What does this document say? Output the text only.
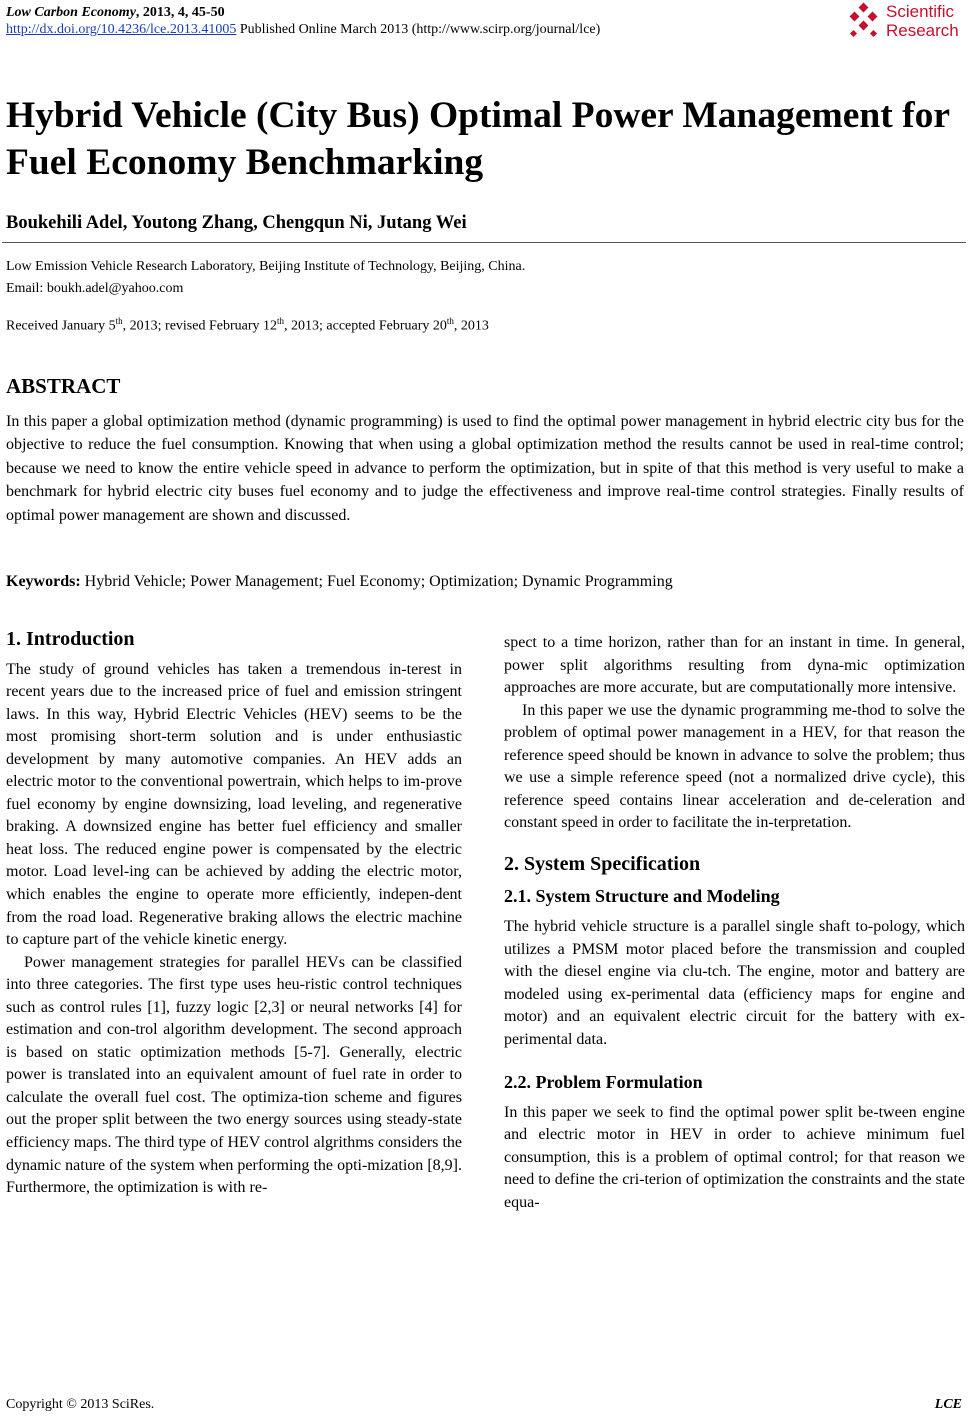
Low Carbon Economy, 2013, 4, 45-50
http://dx.doi.org/10.4236/lce.2013.41005 Published Online March 2013 (http://www.scirp.org/journal/lce)
Scientific
Research
Hybrid Vehicle (City Bus) Optimal Power Management for
Fuel Economy Benchmarking
Boukehili Adel, Youtong Zhang, Chengqun Ni, Jutang Wei
Low Emission Vehicle Research Laboratory, Beijing Institute of Technology, Beijing, China.
Email: boukh.adel@yahoo.com
Received January 5th, 2013; revised February 12th, 2013; accepted February 20th, 2013
ABSTRACT
In this paper a global optimization method (dynamic programming) is used to find the optimal power management in hybrid electric city bus for the objective to reduce the fuel consumption. Knowing that when using a global optimization method the results cannot be used in real-time control; because we need to know the entire vehicle speed in advance to perform the optimization, but in spite of that this method is very useful to make a benchmark for hybrid electric city buses fuel economy and to judge the effectiveness and improve real-time control strategies. Finally results of optimal power management are shown and discussed.
Keywords: Hybrid Vehicle; Power Management; Fuel Economy; Optimization; Dynamic Programming
1. Introduction

The study of ground vehicles has taken a tremendous in-terest in recent years due to the increased price of fuel and emission stringent laws. In this way, Hybrid Electric Vehicles (HEV) seems to be the most promising short-term solution and is under enthusiastic development by many automotive companies. An HEV adds an electric motor to the conventional powertrain, which helps to im-prove fuel economy by engine downsizing, load leveling, and regenerative braking. A downsized engine has better fuel efficiency and smaller heat loss. The reduced engine power is compensated by the electric motor. Load level-ing can be achieved by adding the electric motor, which enables the engine to operate more efficiently, indepen-dent from the road load. Regenerative braking allows the electric machine to capture part of the vehicle kinetic energy.

Power management strategies for parallel HEVs can be classified into three categories. The first type uses heu-ristic control techniques such as control rules [1], fuzzy logic [2,3] or neural networks [4] for estimation and con-trol algorithm development. The second approach is based on static optimization methods [5-7]. Generally, electric power is translated into an equivalent amount of fuel rate in order to calculate the overall fuel cost. The optimiza-tion scheme and figures out the proper split between the two energy sources using steady-state efficiency maps. The third type of HEV control algrithms considers the dynamic nature of the system when performing the opti-mization [8,9]. Furthermore, the optimization is with re-

spect to a time horizon, rather than for an instant in time. In general, power split algorithms resulting from dyna-mic optimization approaches are more accurate, but are computationally more intensive.

In this paper we use the dynamic programming me-thod to solve the problem of optimal power management in a HEV, for that reason the reference speed should be known in advance to solve the problem; thus we use a simple reference speed (not a normalized drive cycle), this reference speed contains linear acceleration and de-celeration and constant speed in order to facilitate the in-terpretation.

2. System Specification
2.1. System Structure and Modeling

The hybrid vehicle structure is a parallel single shaft to-pology, which utilizes a PMSM motor placed before the transmission and coupled with the diesel engine via clu-tch. The engine, motor and battery are modeled using ex-perimental data (efficiency maps for engine and motor) and an equivalent electric circuit for the battery with ex-perimental data.

2.2. Problem Formulation

In this paper we seek to find the optimal power split be-tween engine and electric motor in HEV in order to achieve minimum fuel consumption, this is a problem of optimal control; for that reason we need to define the cri-terion of optimization the constraints and the state equa-

Copyright © 2013 SciRes.	LCE
